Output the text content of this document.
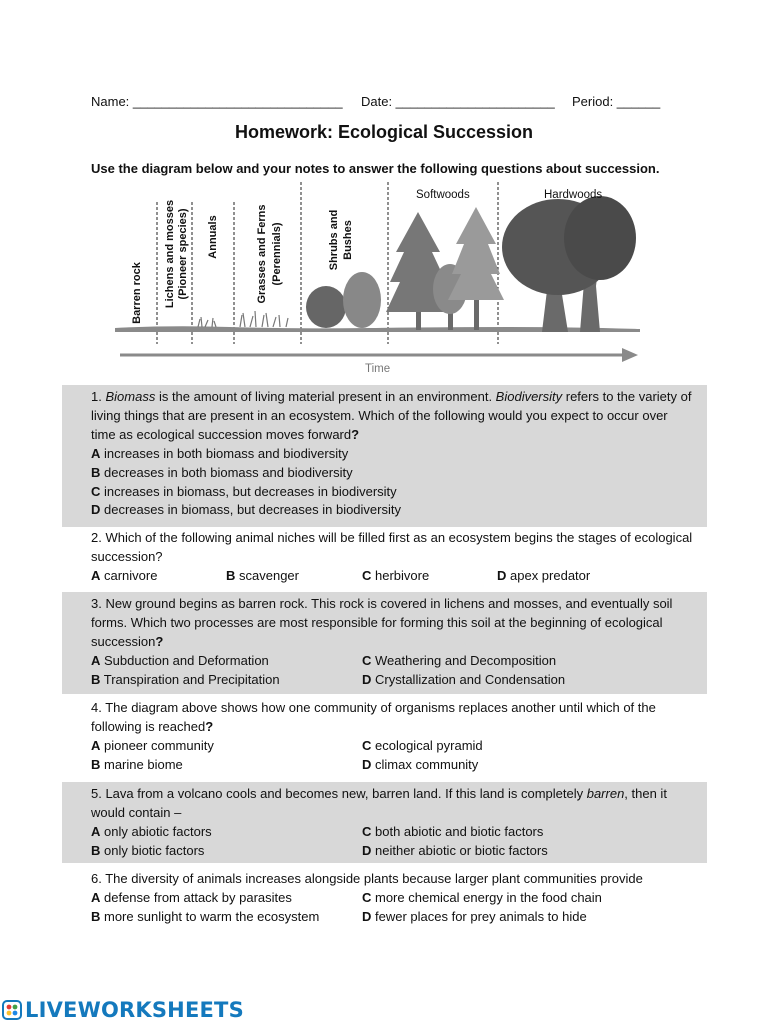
Name: _____________________________ Date: ______________________ Period: ______
Homework: Ecological Succession
Use the diagram below and your notes to answer the following questions about succession.
Barren rock Lichens and mosses (Pioneer species) Annuals	Grasses and Ferns (Perennials)	Shrubs and Bushes
Softwoods	Hardwoods
Time

1. Biomass is the amount of living material present in an environment. Biodiversity refers to the variety of living things that are present in an ecosystem. Which of the following would you expect to occur over time as ecological succession moves forward?

A increases in both biomass and biodiversity
B decreases in both biomass and biodiversity
C increases in biomass, but decreases in biodiversity
D decreases in biomass, but decreases in biodiversity

2. Which of the following animal niches will be filled first as an ecosystem begins the stages of ecological succession?

A carnivore	B scavenger	C herbivore	D apex predator

3. New ground begins as barren rock. This rock is covered in lichens and mosses, and eventually soil forms. Which two processes are most responsible for forming this soil at the beginning of ecological succession?

A Subduction and Deformation	C Weathering and Decomposition
B Transpiration and Precipitation	D Crystallization and Condensation

4. The diagram above shows how one community of organisms replaces another until which of the following is reached?

A pioneer community	C ecological pyramid
B marine biome	D climax community

5. Lava from a volcano cools and becomes new, barren land. If this land is completely barren, then it would contain –

A only abiotic factors	C both abiotic and biotic factors
B only biotic factors	D neither abiotic or biotic factors

6. The diversity of animals increases alongside plants because larger plant communities provide

A defense from attack by parasites	C more chemical energy in the food chain
B more sunlight to warm the ecosystem	D fewer places for prey animals to hide
LIVEWORKSHEETS
